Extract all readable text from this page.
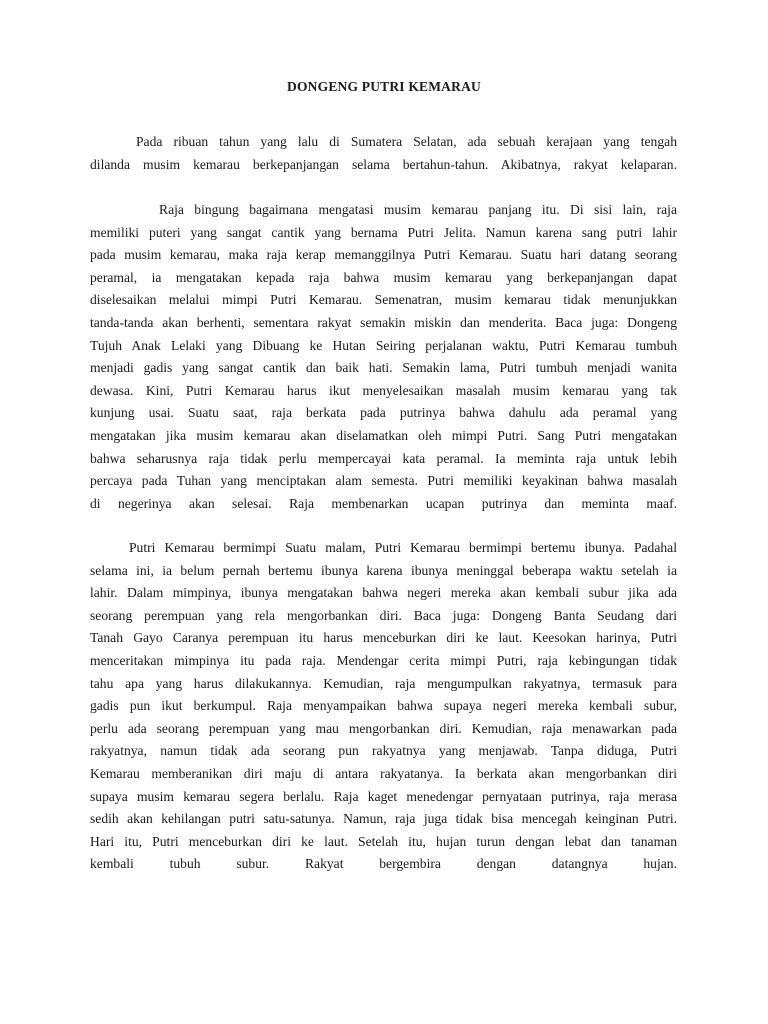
DONGENG PUTRI KEMARAU
Pada ribuan tahun yang lalu di Sumatera Selatan, ada sebuah kerajaan yang tengah
dilanda musim kemarau berkepanjangan selama bertahun-tahun. Akibatnya, rakyat kelaparan.
Raja bingung bagaimana mengatasi musim kemarau panjang itu. Di sisi lain, raja
memiliki puteri yang sangat cantik yang bernama Putri Jelita. Namun karena sang putri lahir
pada musim kemarau, maka raja kerap memanggilnya Putri Kemarau. Suatu hari datang seorang
peramal, ia mengatakan kepada raja bahwa musim kemarau yang berkepanjangan dapat
diselesaikan melalui mimpi Putri Kemarau. Semenatran, musim kemarau tidak menunjukkan
tanda-tanda akan berhenti, sementara rakyat semakin miskin dan menderita. Baca juga: Dongeng
Tujuh Anak Lelaki yang Dibuang ke Hutan Seiring perjalanan waktu, Putri Kemarau tumbuh
menjadi gadis yang sangat cantik dan baik hati. Semakin lama, Putri tumbuh menjadi wanita
dewasa. Kini, Putri Kemarau harus ikut menyelesaikan masalah musim kemarau yang tak
kunjung usai. Suatu saat, raja berkata pada putrinya bahwa dahulu ada peramal yang
mengatakan jika musim kemarau akan diselamatkan oleh mimpi Putri. Sang Putri mengatakan
bahwa seharusnya raja tidak perlu mempercayai kata peramal. Ia meminta raja untuk lebih
percaya pada Tuhan yang menciptakan alam semesta. Putri memiliki keyakinan bahwa masalah
di negerinya akan selesai. Raja membenarkan ucapan putrinya dan meminta maaf.
Putri Kemarau bermimpi Suatu malam, Putri Kemarau bermimpi bertemu ibunya. Padahal
selama ini, ia belum pernah bertemu ibunya karena ibunya meninggal beberapa waktu setelah ia
lahir. Dalam mimpinya, ibunya mengatakan bahwa negeri mereka akan kembali subur jika ada
seorang perempuan yang rela mengorbankan diri. Baca juga: Dongeng Banta Seudang dari
Tanah Gayo Caranya perempuan itu harus menceburkan diri ke laut. Keesokan harinya, Putri
menceritakan mimpinya itu pada raja. Mendengar cerita mimpi Putri, raja kebingungan tidak
tahu apa yang harus dilakukannya. Kemudian, raja mengumpulkan rakyatnya, termasuk para
gadis pun ikut berkumpul. Raja menyampaikan bahwa supaya negeri mereka kembali subur,
perlu ada seorang perempuan yang mau mengorbankan diri. Kemudian, raja menawarkan pada
rakyatnya, namun tidak ada seorang pun rakyatnya yang menjawab. Tanpa diduga, Putri
Kemarau memberanikan diri maju di antara rakyatanya. Ia berkata akan mengorbankan diri
supaya musim kemarau segera berlalu. Raja kaget menedengar pernyataan putrinya, raja merasa
sedih akan kehilangan putri satu-satunya. Namun, raja juga tidak bisa mencegah keinginan Putri.
Hari itu, Putri menceburkan diri ke laut. Setelah itu, hujan turun dengan lebat dan tanaman
kembali tubuh subur. Rakyat bergembira dengan datangnya hujan.
